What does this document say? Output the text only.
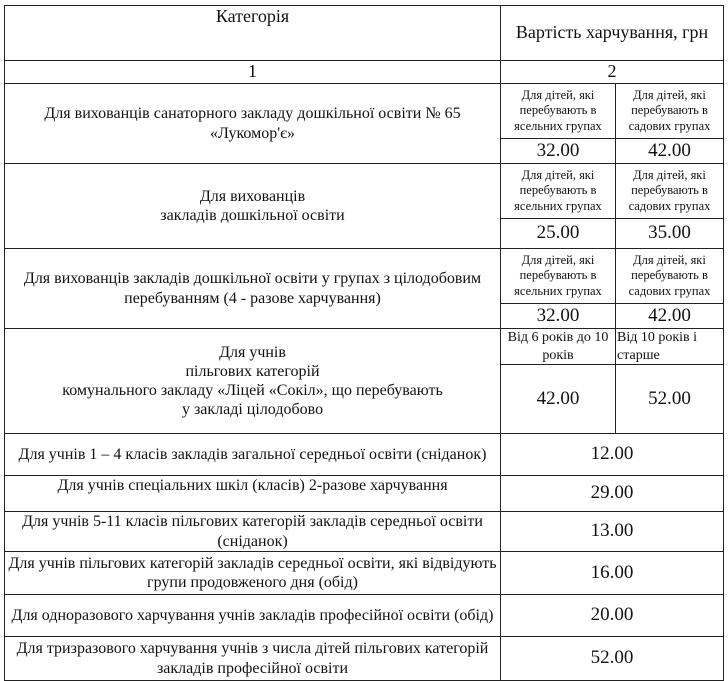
Категорія	Вартість харчування, грн	
1	2	
Для вихованців санаторного закладу дошкільної освіти № 65 «Лукомор'є»	Для дітей, які перебувають в ясельних групах	Для дітей, які перебувають в садових групах
	32.00	42.00

Для вихованців
закладів дошкільної освіти	Для дітей, які перебувають в ясельних групах	Для дітей, які перебувають в садових групах
	25.00	35.00
Для вихованців закладів дошкільної освіти у групах з цілодобовим перебуванням (4 - разове харчування)	Для дітей, які перебувають в ясельних групах	Для дітей, які перебувають в садових групах
	32.00	42.00

Для учнів
пільгових категорій
комунального закладу «Ліцей «Сокіл», що перебувають
у закладі цілодобово	Від 6 років до 10 років	Від 10 років і старше
	42.00	52.00
Для учнів 1 – 4 класів закладів загальної середньої освіти (сніданок)	12.00	
Для учнів спеціальних шкіл (класів) 2-разове харчування	29.00	
Для учнів 5-11 класів пільгових категорій закладів середньої освіти (сніданок)	13.00	
Для учнів пільгових категорій закладів середньої освіти, які відвідують групи продовженого дня (обід)	16.00	
Для одноразового харчування учнів закладів професійної освіти (обід)	20.00	
Для тризразового харчування учнів з числа дітей пільгових категорій закладів професійної освіти	52.00	
